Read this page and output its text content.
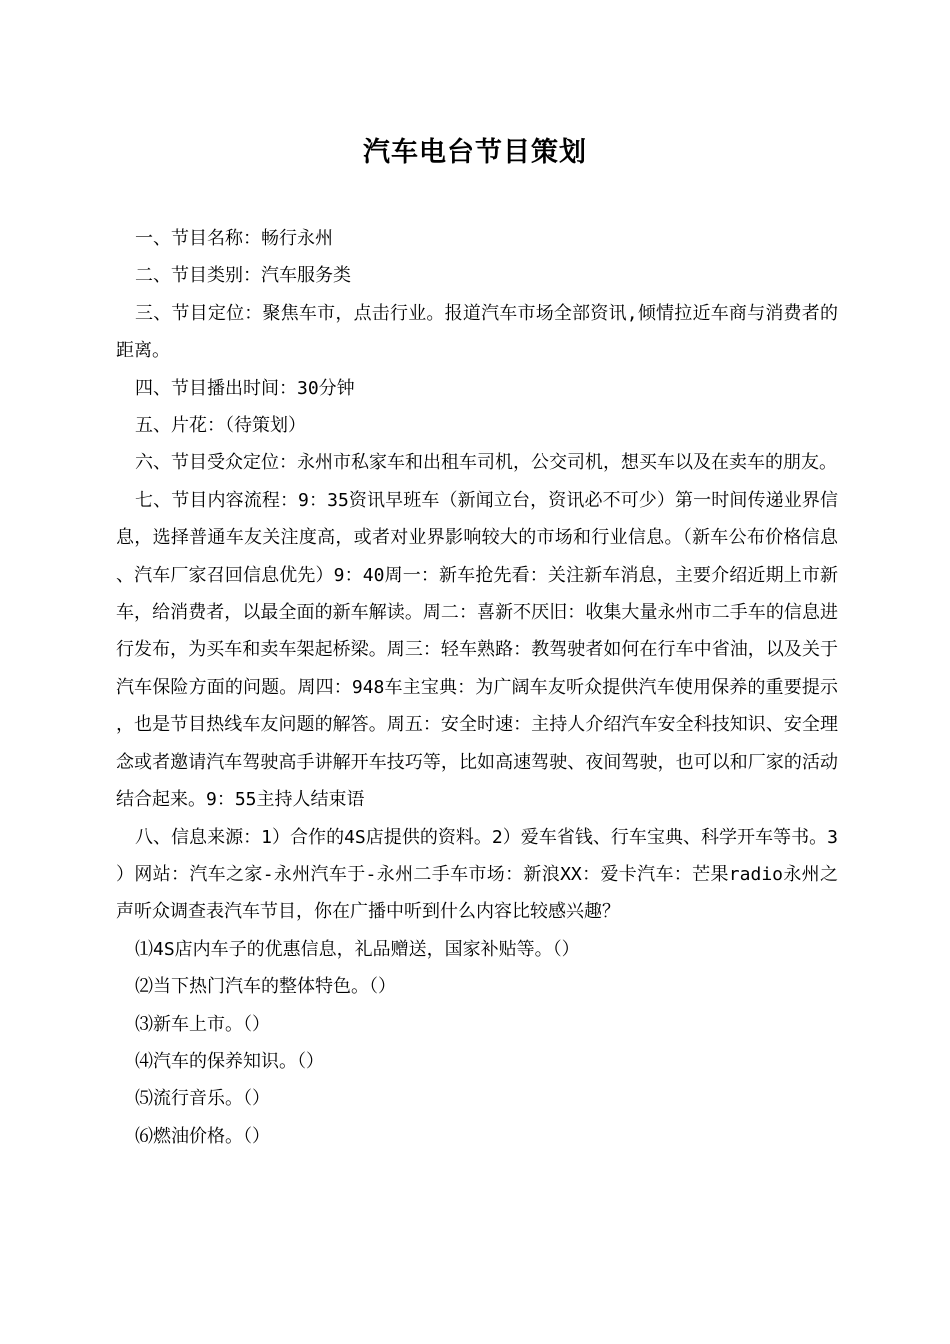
汽车电台节目策划

一、节目名称：畅行永州

二、节目类别：汽车服务类

三、节目定位：聚焦车市，点击行业。报道汽车市场全部资讯,倾情拉近车商与消费者的距离。

四、节目播出时间：30分钟

五、片花：（待策划）

六、节目受众定位：永州市私家车和出租车司机，公交司机，想买车以及在卖车的朋友。

七、节目内容流程：9：35资讯早班车（新闻立台，资讯必不可少）第一时间传递业界信息，选择普通车友关注度高，或者对业界影响较大的市场和行业信息。（新车公布价格信息、汽车厂家召回信息优先）9：40周一：新车抢先看：关注新车消息，主要介绍近期上市新车，给消费者，以最全面的新车解读。周二：喜新不厌旧：收集大量永州市二手车的信息进行发布，为买车和卖车架起桥梁。周三：轻车熟路：教驾驶者如何在行车中省油，以及关于汽车保险方面的问题。周四：948车主宝典：为广阔车友听众提供汽车使用保养的重要提示，也是节目热线车友问题的解答。周五：安全时速：主持人介绍汽车安全科技知识、安全理念或者邀请汽车驾驶高手讲解开车技巧等，比如高速驾驶、夜间驾驶，也可以和厂家的活动结合起来。9：55主持人结束语

八、信息来源：1）合作的4S店提供的资料。2）爱车省钱、行车宝典、科学开车等书。3）网站：汽车之家-永州汽车于-永州二手车市场：新浪XX：爱卡汽车：芒果radio永州之声听众调查表汽车节目，你在广播中听到什么内容比较感兴趣？

⑴4S店内车子的优惠信息，礼品赠送，国家补贴等。（）

⑵当下热门汽车的整体特色。（）

⑶新车上市。（）

⑷汽车的保养知识。（）

⑸流行音乐。（）

⑹燃油价格。（）
